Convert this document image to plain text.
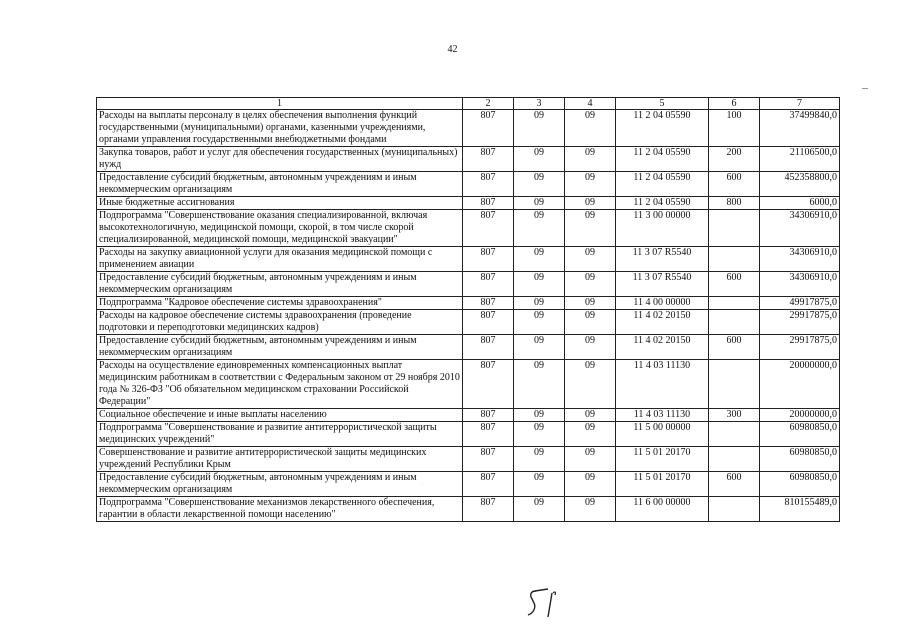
42
1	2	3	4	5	6	7
Расходы на выплаты персоналу в целях обеспечения выполнения функций государственными (муниципальными) органами, казенными учреждениями, органами управления государственными внебюджетными фондами	807	09	09	11 2 04 05590	100	37499840,0
Закупка товаров, работ и услуг для обеспечения государственных (муниципальных) нужд	807	09	09	11 2 04 05590	200	21106500,0
Предоставление субсидий бюджетным, автономным учреждениям и иным некоммерческим организациям	807	09	09	11 2 04 05590	600	452358800,0
Иные бюджетные ассигнования	807	09	09	11 2 04 05590	800	6000,0
Подпрограмма "Совершенствование оказания специализированной, включая высокотехнологичную, медицинской помощи, скорой, в том числе скорой специализированной, медицинской помощи, медицинской эвакуации"	807	09	09	11 3 00 00000		34306910,0
Расходы на закупку авиационной услуги для оказания медицинской помощи с применением авиации	807	09	09	11 3 07 R5540		34306910,0
Предоставление субсидий бюджетным, автономным учреждениям и иным некоммерческим организациям	807	09	09	11 3 07 R5540	600	34306910,0
Подпрограмма "Кадровое обеспечение системы здравоохранения"	807	09	09	11 4 00 00000		49917875,0
Расходы на кадровое обеспечение системы здравоохранения (проведение подготовки и переподготовки медицинских кадров)	807	09	09	11 4 02 20150		29917875,0
Предоставление субсидий бюджетным, автономным учреждениям и иным некоммерческим организациям	807	09	09	11 4 02 20150	600	29917875,0
Расходы на осуществление единовременных компенсационных выплат медицинским работникам в соответствии с Федеральным законом от 29 ноября 2010 года № 326-ФЗ "Об обязательном медицинском страховании Российской Федерации"	807	09	09	11 4 03 11130		20000000,0
Социальное обеспечение и иные выплаты населению	807	09	09	11 4 03 11130	300	20000000,0
Подпрограмма "Совершенствование и развитие антитеррористической защиты медицинских учреждений"	807	09	09	11 5 00 00000		60980850,0
Совершенствование и развитие антитеррористической защиты медицинских учреждений Республики Крым	807	09	09	11 5 01 20170		60980850,0
Предоставление субсидий бюджетным, автономным учреждениям и иным некоммерческим организациям	807	09	09	11 5 01 20170	600	60980850,0
Подпрограмма "Совершенствование механизмов лекарственного обеспечения, гарантии в области лекарственной помощи населению"	807	09	09	11 6 00 00000		810155489,0
51
